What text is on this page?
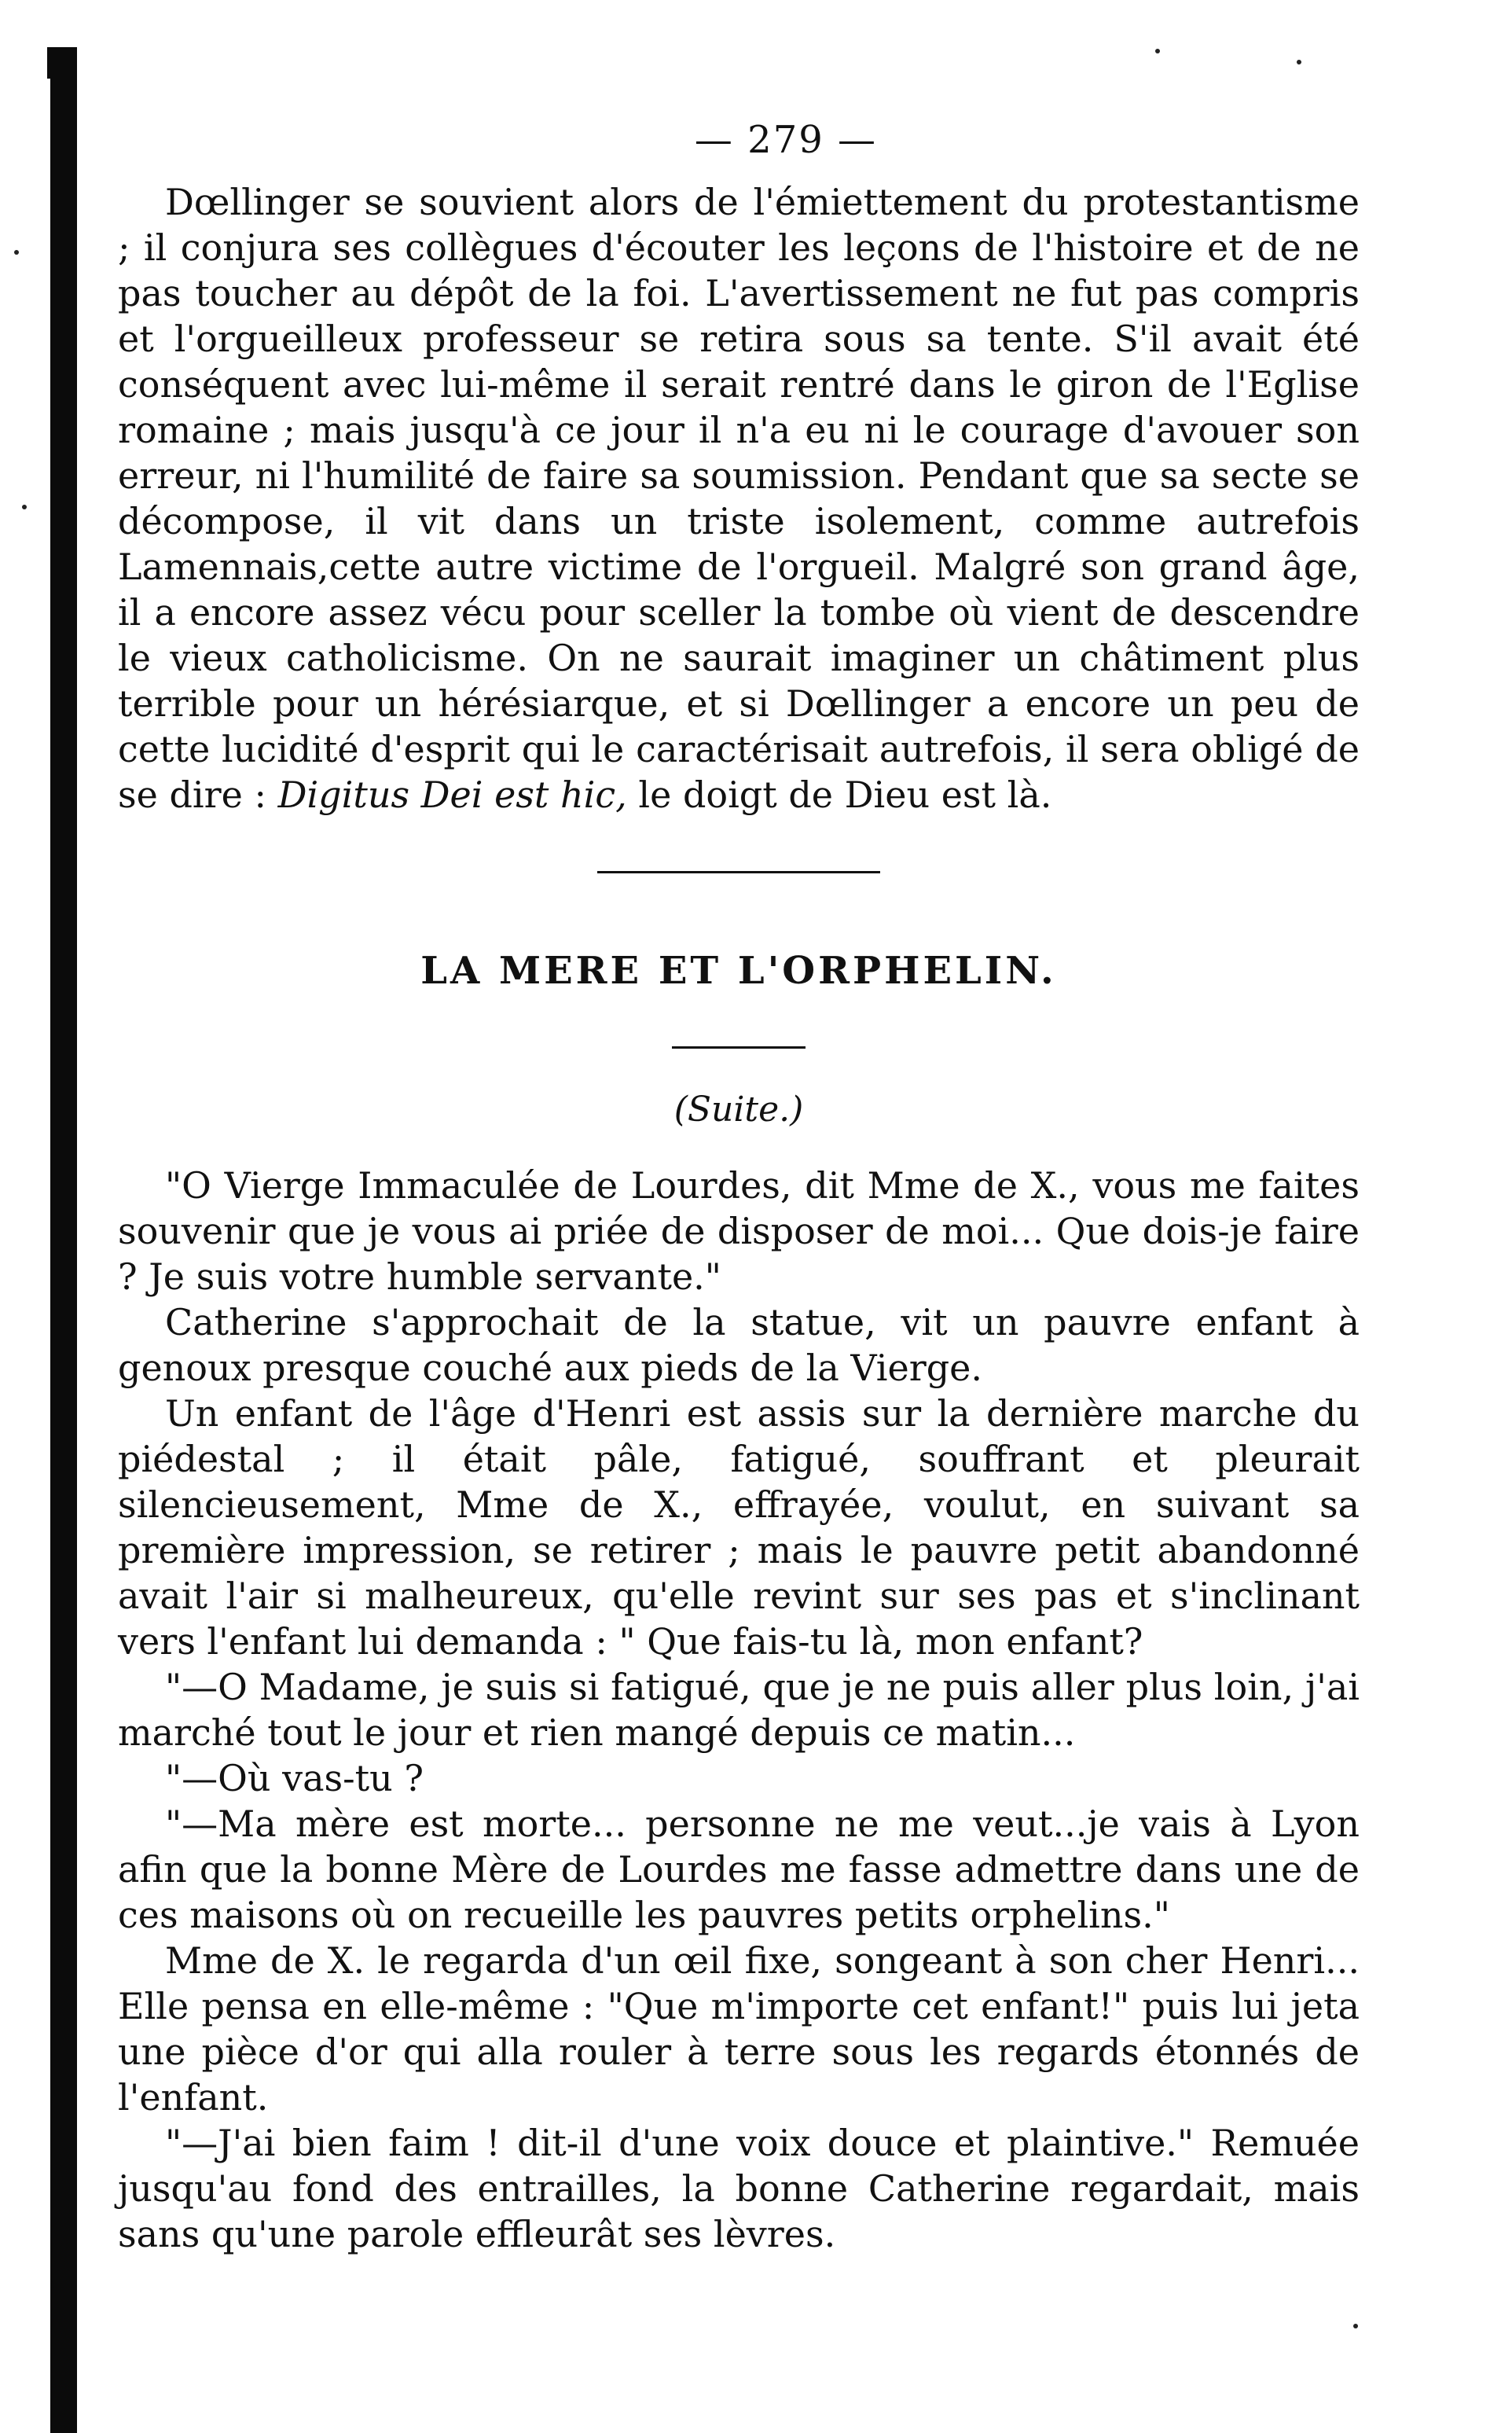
— 279 —

Dœllinger se souvient alors de l'émiettement du protestantisme ; il conjura ses collègues d'écouter les leçons de l'histoire et de ne pas toucher au dépôt de la foi. L'avertissement ne fut pas compris et l'orgueilleux professeur se retira sous sa tente. S'il avait été conséquent avec lui-même il serait rentré dans le giron de l'Eglise romaine ; mais jusqu'à ce jour il n'a eu ni le courage d'avouer son erreur, ni l'humilité de faire sa soumission. Pendant que sa secte se décompose, il vit dans un triste isolement, comme autrefois Lamennais,cette autre victime de l'orgueil. Malgré son grand âge, il a encore assez vécu pour sceller la tombe où vient de descendre le vieux catholicisme. On ne saurait imaginer un châtiment plus terrible pour un hérésiarque, et si Dœllinger a encore un peu de cette lucidité d'esprit qui le caractérisait autrefois, il sera obligé de se dire : Digitus Dei est hic, le doigt de Dieu est là.

LA MERE ET L'ORPHELIN.
(Suite.)

"O Vierge Immaculée de Lourdes, dit Mme de X., vous me faites souvenir que je vous ai priée de disposer de moi... Que dois-je faire ? Je suis votre humble servante."

Catherine s'approchait de la statue, vit un pauvre enfant à genoux presque couché aux pieds de la Vierge.

Un enfant de l'âge d'Henri est assis sur la dernière marche du piédestal ; il était pâle, fatigué, souffrant et pleurait silencieusement, Mme de X., effrayée, voulut, en suivant sa première impression, se retirer ; mais le pauvre petit abandonné avait l'air si malheureux, qu'elle revint sur ses pas et s'inclinant vers l'enfant lui demanda : " Que fais-tu là, mon enfant?

"—O Madame, je suis si fatigué, que je ne puis aller plus loin, j'ai marché tout le jour et rien mangé depuis ce matin...

"—Où vas-tu ?

"—Ma mère est morte... personne ne me veut...je vais à Lyon afin que la bonne Mère de Lourdes me fasse admettre dans une de ces maisons où on recueille les pauvres petits orphelins."

Mme de X. le regarda d'un œil fixe, songeant à son cher Henri... Elle pensa en elle-même : "Que m'importe cet enfant!" puis lui jeta une pièce d'or qui alla rouler à terre sous les regards étonnés de l'enfant.

"—J'ai bien faim ! dit-il d'une voix douce et plaintive." Remuée jusqu'au fond des entrailles, la bonne Catherine regardait, mais sans qu'une parole effleurât ses lèvres.
